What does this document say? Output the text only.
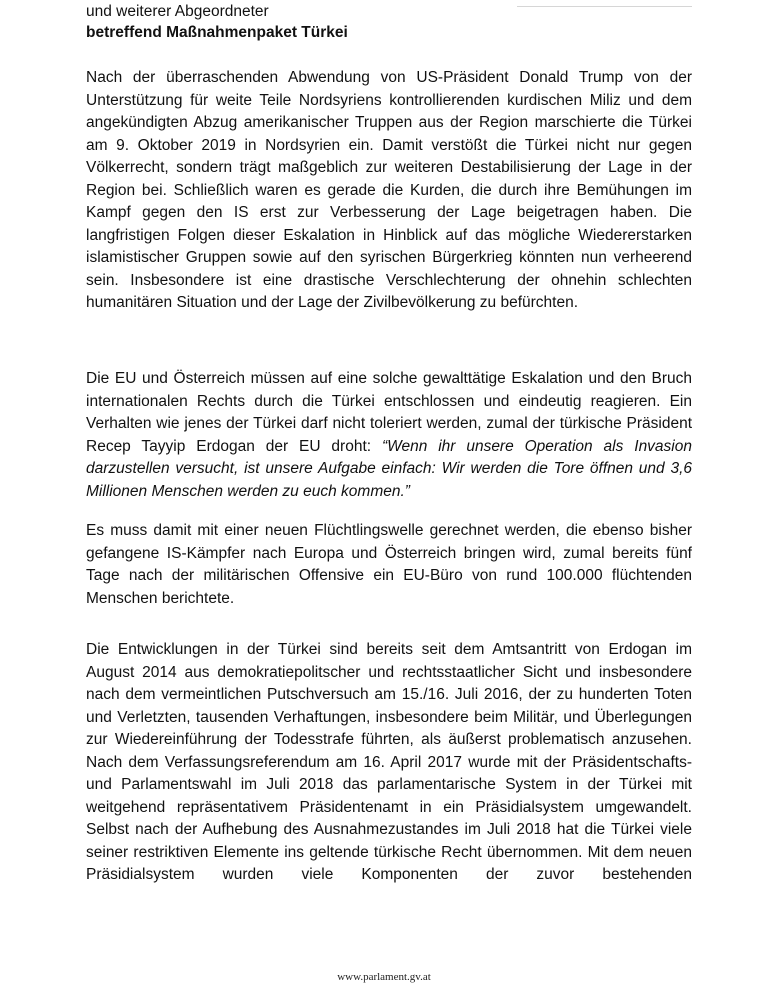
und weiterer Abgeordneter
betreffend Maßnahmenpaket Türkei

Nach der überraschenden Abwendung von US-Präsident Donald Trump von der Unterstützung für weite Teile Nordsyriens kontrollierenden kurdischen Miliz und dem angekündigten Abzug amerikanischer Truppen aus der Region marschierte die Türkei am 9. Oktober 2019 in Nordsyrien ein. Damit verstößt die Türkei nicht nur gegen Völkerrecht, sondern trägt maßgeblich zur weiteren Destabilisierung der Lage in der Region bei. Schließlich waren es gerade die Kurden, die durch ihre Bemühungen im Kampf gegen den IS erst zur Verbesserung der Lage beigetragen haben. Die langfristigen Folgen dieser Eskalation in Hinblick auf das mögliche Wiedererstarken islamistischer Gruppen sowie auf den syrischen Bürgerkrieg könnten nun verheerend sein. Insbesondere ist eine drastische Verschlechterung der ohnehin schlechten humanitären Situation und der Lage der Zivilbevölkerung zu befürchten.

Die EU und Österreich müssen auf eine solche gewalttätige Eskalation und den Bruch internationalen Rechts durch die Türkei entschlossen und eindeutig reagieren. Ein Verhalten wie jenes der Türkei darf nicht toleriert werden, zumal der türkische Präsident Recep Tayyip Erdogan der EU droht: “Wenn ihr unsere Operation als Invasion darzustellen versucht, ist unsere Aufgabe einfach: Wir werden die Tore öffnen und 3,6 Millionen Menschen werden zu euch kommen.”

Es muss damit mit einer neuen Flüchtlingswelle gerechnet werden, die ebenso bisher gefangene IS-Kämpfer nach Europa und Österreich bringen wird, zumal bereits fünf Tage nach der militärischen Offensive ein EU-Büro von rund 100.000 flüchtenden Menschen berichtete.

Die Entwicklungen in der Türkei sind bereits seit dem Amtsantritt von Erdogan im August 2014 aus demokratiepolitscher und rechtsstaatlicher Sicht und insbesondere nach dem vermeintlichen Putschversuch am 15./16. Juli 2016, der zu hunderten Toten und Verletzten, tausenden Verhaftungen, insbesondere beim Militär, und Überlegungen zur Wiedereinführung der Todesstrafe führten, als äußerst problematisch anzusehen. Nach dem Verfassungsreferendum am 16. April 2017 wurde mit der Präsidentschafts- und Parlamentswahl im Juli 2018 das parlamentarische System in der Türkei mit weitgehend repräsentativem Präsidentenamt in ein Präsidialsystem umgewandelt. Selbst nach der Aufhebung des Ausnahmezustandes im Juli 2018 hat die Türkei viele seiner restriktiven Elemente ins geltende türkische Recht übernommen. Mit dem neuen Präsidialsystem wurden viele Komponenten der zuvor bestehenden

www.parlament.gv.at
